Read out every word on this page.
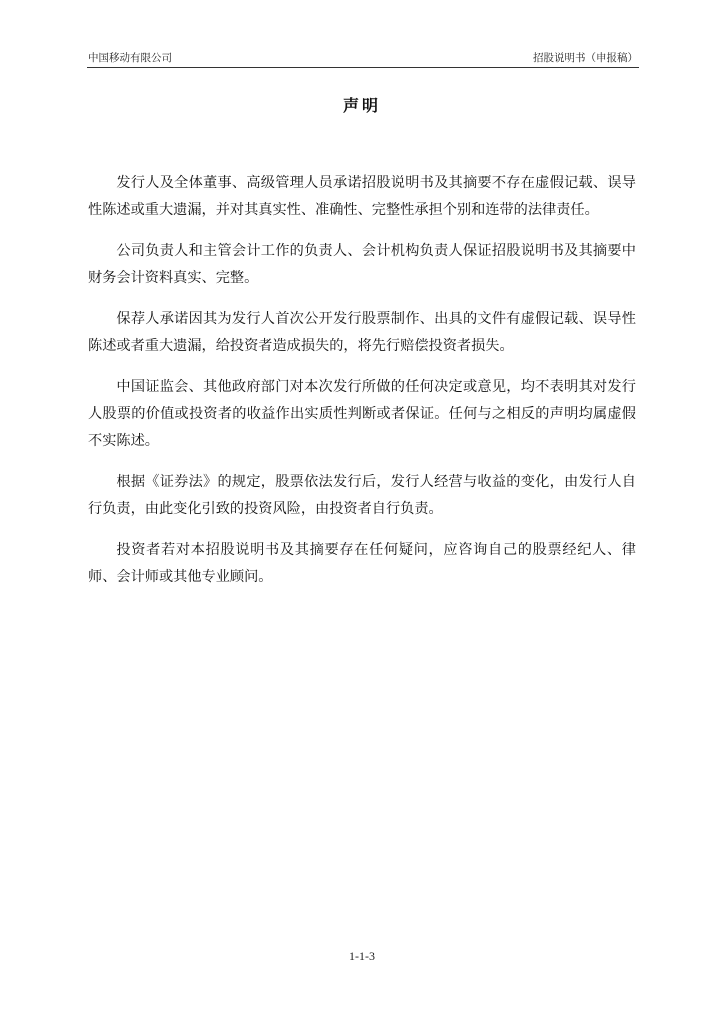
中国移动有限公司	招股说明书（申报稿）
声明

发行人及全体董事、高级管理人员承诺招股说明书及其摘要不存在虚假记载、误导性陈述或重大遗漏，并对其真实性、准确性、完整性承担个别和连带的法律责任。

公司负责人和主管会计工作的负责人、会计机构负责人保证招股说明书及其摘要中财务会计资料真实、完整。

保荐人承诺因其为发行人首次公开发行股票制作、出具的文件有虚假记载、误导性陈述或者重大遗漏，给投资者造成损失的，将先行赔偿投资者损失。

中国证监会、其他政府部门对本次发行所做的任何决定或意见，均不表明其对发行人股票的价值或投资者的收益作出实质性判断或者保证。任何与之相反的声明均属虚假不实陈述。

根据《证券法》的规定，股票依法发行后，发行人经营与收益的变化，由发行人自行负责，由此变化引致的投资风险，由投资者自行负责。

投资者若对本招股说明书及其摘要存在任何疑问，应咨询自己的股票经纪人、律师、会计师或其他专业顾问。

1-1-3
